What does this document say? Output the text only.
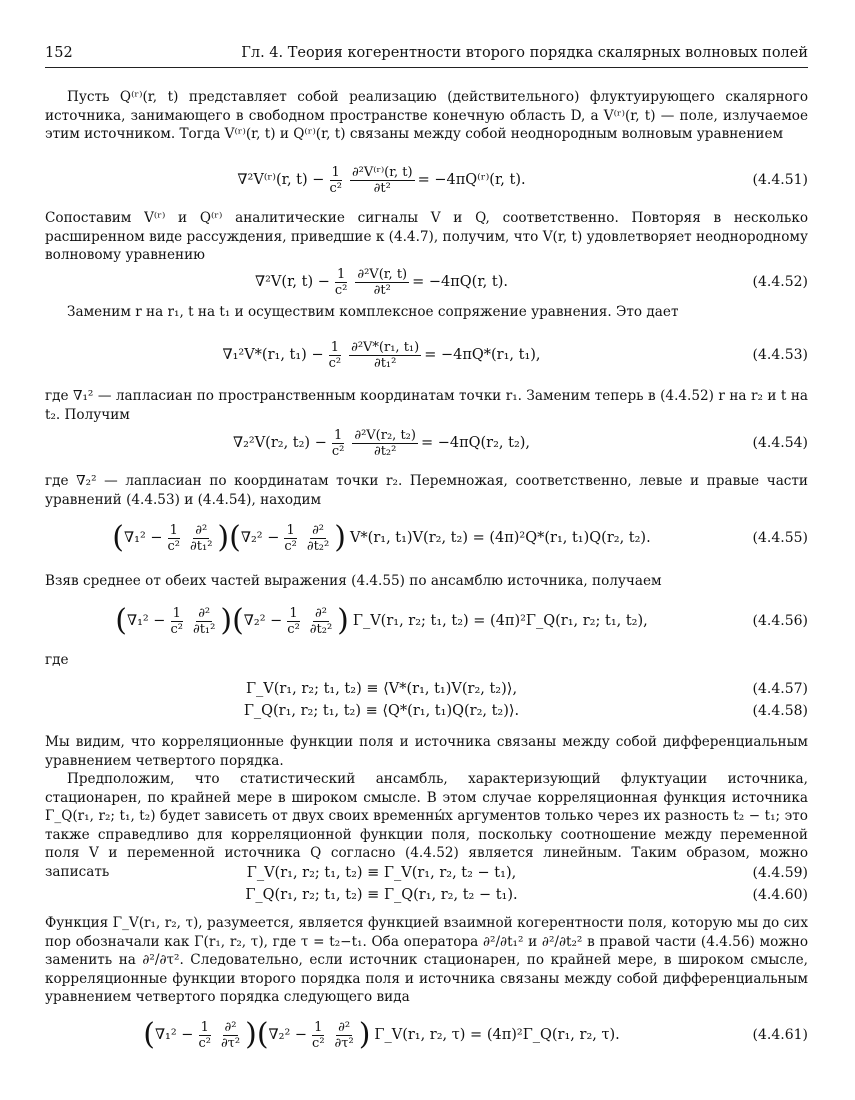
152	Гл. 4. Теория когерентности второго порядка скалярных волновых полей
Пусть Q⁽ʳ⁾(r, t) представляет собой реализацию (действительного) флуктуирующего скалярного источника, занимающего в свободном пространстве конечную область D, а V⁽ʳ⁾(r, t) — поле, излучаемое этим источником. Тогда V⁽ʳ⁾(r, t) и Q⁽ʳ⁾(r, t) связаны между собой неоднородным волновым уравнением
∇²V⁽ʳ⁾(r, $t) - \frac{1}{\text{c²}} \frac{\text{∂²V⁽ʳ⁾(r, t)}}{\text{∂t²}}$ = −4πQ⁽ʳ⁾(r, t).	(4.4.51)
Сопоставим V⁽ʳ⁾ и Q⁽ʳ⁾ аналитические сигналы V и Q, соответственно. Повторяя в несколько расширенном виде рассуждения, приведшие к (4.4.7), получим, что V(r, t) удовлетворяет неоднородному волновому уравнению
∇²V(r, $t) - \frac{1}{\text{c²}} \frac{\text{∂²V(r, t)}}{\text{∂t²}} = -4\pi Q(r$, t).	(4.4.52)
Заменим r на r₁, t на t₁ и осуществим комплексное сопряжение уравнения. Это дает
∇₁²V*(r₁, $t_1) - \frac{1}{\text{c²}} \frac{\text{∂²V*(r₁, t₁)}}{\text{∂t₁²}} = -4\pi Q*(r_1$, t₁),	(4.4.53)
где ∇₁² — лапласиан по пространственным координатам точки r₁. Заменим теперь в (4.4.52) r на r₂ и t на t₂. Получим
∇₂²V(r₂, $t_2) - \frac{1}{\text{c²}} \frac{\text{∂²V(r₂, t₂)}}{\text{∂t₂²}} = -4\pi Q(r_2$, t₂),	(4.4.54)
где ∇₂² — лапласиан по координатам точки r₂. Перемножая, соответственно, левые и правые части уравнений (4.4.53) и (4.4.54), находим
( $\nabla_1^2 - \frac{1}{\text{c²}} \partial^2$
∂t₁² ) ( $\nabla_2^2 - \frac{1}{\text{c²}} \partial^2$
∂t₂² ) V*(r₁, t₁)V(r₂, t₂) = (4π)²Q*(r₁, t₁)Q(r₂, t₂).	(4.4.55)
Взяв среднее от обеих частей выражения (4.4.55) по ансамблю источника, получаем
( $\nabla_1^2 - \frac{1}{\text{c²}} \partial^2$
∂t₁² ) ( $\nabla_2^2 - \frac{1}{\text{c²}} \partial^2$
∂t₂² ) Γ_V(r₁, r₂; t₁, t₂) = (4π)²Γ_Q(r₁, r₂; t₁, t₂),	(4.4.56)
где
Γ_V(r₁, r₂; t₁, t₂) ≡ ⟨V*(r₁, t₁)V(r₂, t₂)⟩,	(4.4.57)
Γ_Q(r₁, r₂; t₁, t₂) ≡ ⟨Q*(r₁, t₁)Q(r₂, t₂)⟩.	(4.4.58)
Мы видим, что корреляционные функции поля и источника связаны между собой дифференциальным уравнением четвертого порядка.
Предположим, что статистический ансамбль, характеризующий флуктуации источника, стационарен, по крайней мере в широком смысле. В этом случае корреляционная функция источника Γ_Q(r₁, r₂; t₁, t₂) будет зависеть от двух своих временны́х аргументов только через их разность t₂ − t₁; это также справедливо для корреляционной функции поля, поскольку соотношение между переменной поля V и переменной источника Q согласно (4.4.52) является линейным. Таким образом, можно записать	Γ_V(r₁, r₂; t₁, t₂) ≡ Γ_V(r₁, r₂, t₂ − t₁),	(4.4.59)
Γ_Q(r₁, r₂; t₁, t₂) ≡ Γ_Q(r₁, r₂, t₂ − t₁).	(4.4.60)
Функция Γ_V(r₁, r₂, τ), разумеется, является функцией взаимной когерентности поля, которую мы до сих пор обозначали как Γ(r₁, r₂, τ), где τ = t₂−t₁. Оба оператора ∂²/∂t₁² и ∂²/∂t₂² в правой части (4.4.56) можно заменить на ∂²/∂τ². Следовательно, если источник стационарен, по крайней мере, в широком смысле, корреляционные функции второго порядка поля и источника связаны между собой дифференциальным уравнением четвертого порядка следующего вида
( $\nabla_1^2 - \frac{1}{\text{c²}} \partial^2$
∂τ² ) ( $\nabla_2^2 - \frac{1}{\text{c²}} \partial^2$
∂τ² ) Γ_V(r₁, r₂, τ) = (4π)²Γ_Q(r₁, r₂, τ).	(4.4.61)
